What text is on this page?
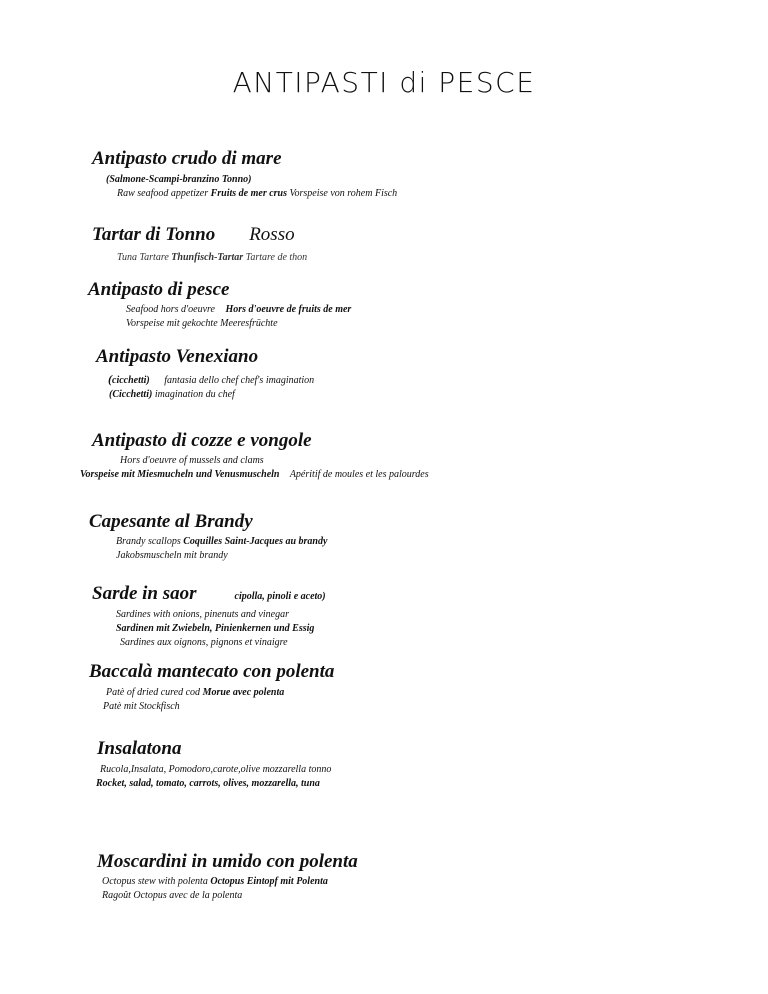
ANTIPASTI di PESCE
Antipasto crudo di mare
(Salmone-Scampi-branzino Tonno)
Raw seafood appetizer Fruits de mer crus Vorspeise von rohem Fisch
Tartar di Tonno Rosso
Tuna Tartare Thunfisch-Tartar Tartare de thon
Antipasto di pesce
Seafood hors d'oeuvre Hors d'oeuvre de fruits de mer
Vorspeise mit gekochte Meeresfrüchte
Antipasto Venexiano
(cicchetti) fantasia dello chef chef's imagination
(Cicchetti) imagination du chef
Antipasto di cozze e vongole
Hors d'oeuvre of mussels and clams
Vorspeise mit Miesmucheln und Venusmuscheln Apéritif de moules et les palourdes
Capesante al Brandy
Brandy scallops Coquilles Saint-Jacques au brandy
Jakobsmuscheln mit brandy
Sarde in saor	cipolla, pinoli e aceto)
Sardines with onions, pinenuts and vinegar
Sardinen mit Zwiebeln, Pinienkernen und Essig
Sardines aux oignons, pignons et vinaigre
Baccalà mantecato con polenta
Patè of dried cured cod Morue avec polenta
Patè mit Stockfisch
Insalatona
Rucola,Insalata, Pomodoro,carote,olive mozzarella tonno
Rocket, salad, tomato, carrots, olives, mozzarella, tuna
Moscardini in umido con polenta
Octopus stew with polenta Octopus Eintopf mit Polenta
Ragoût Octopus avec de la polenta
